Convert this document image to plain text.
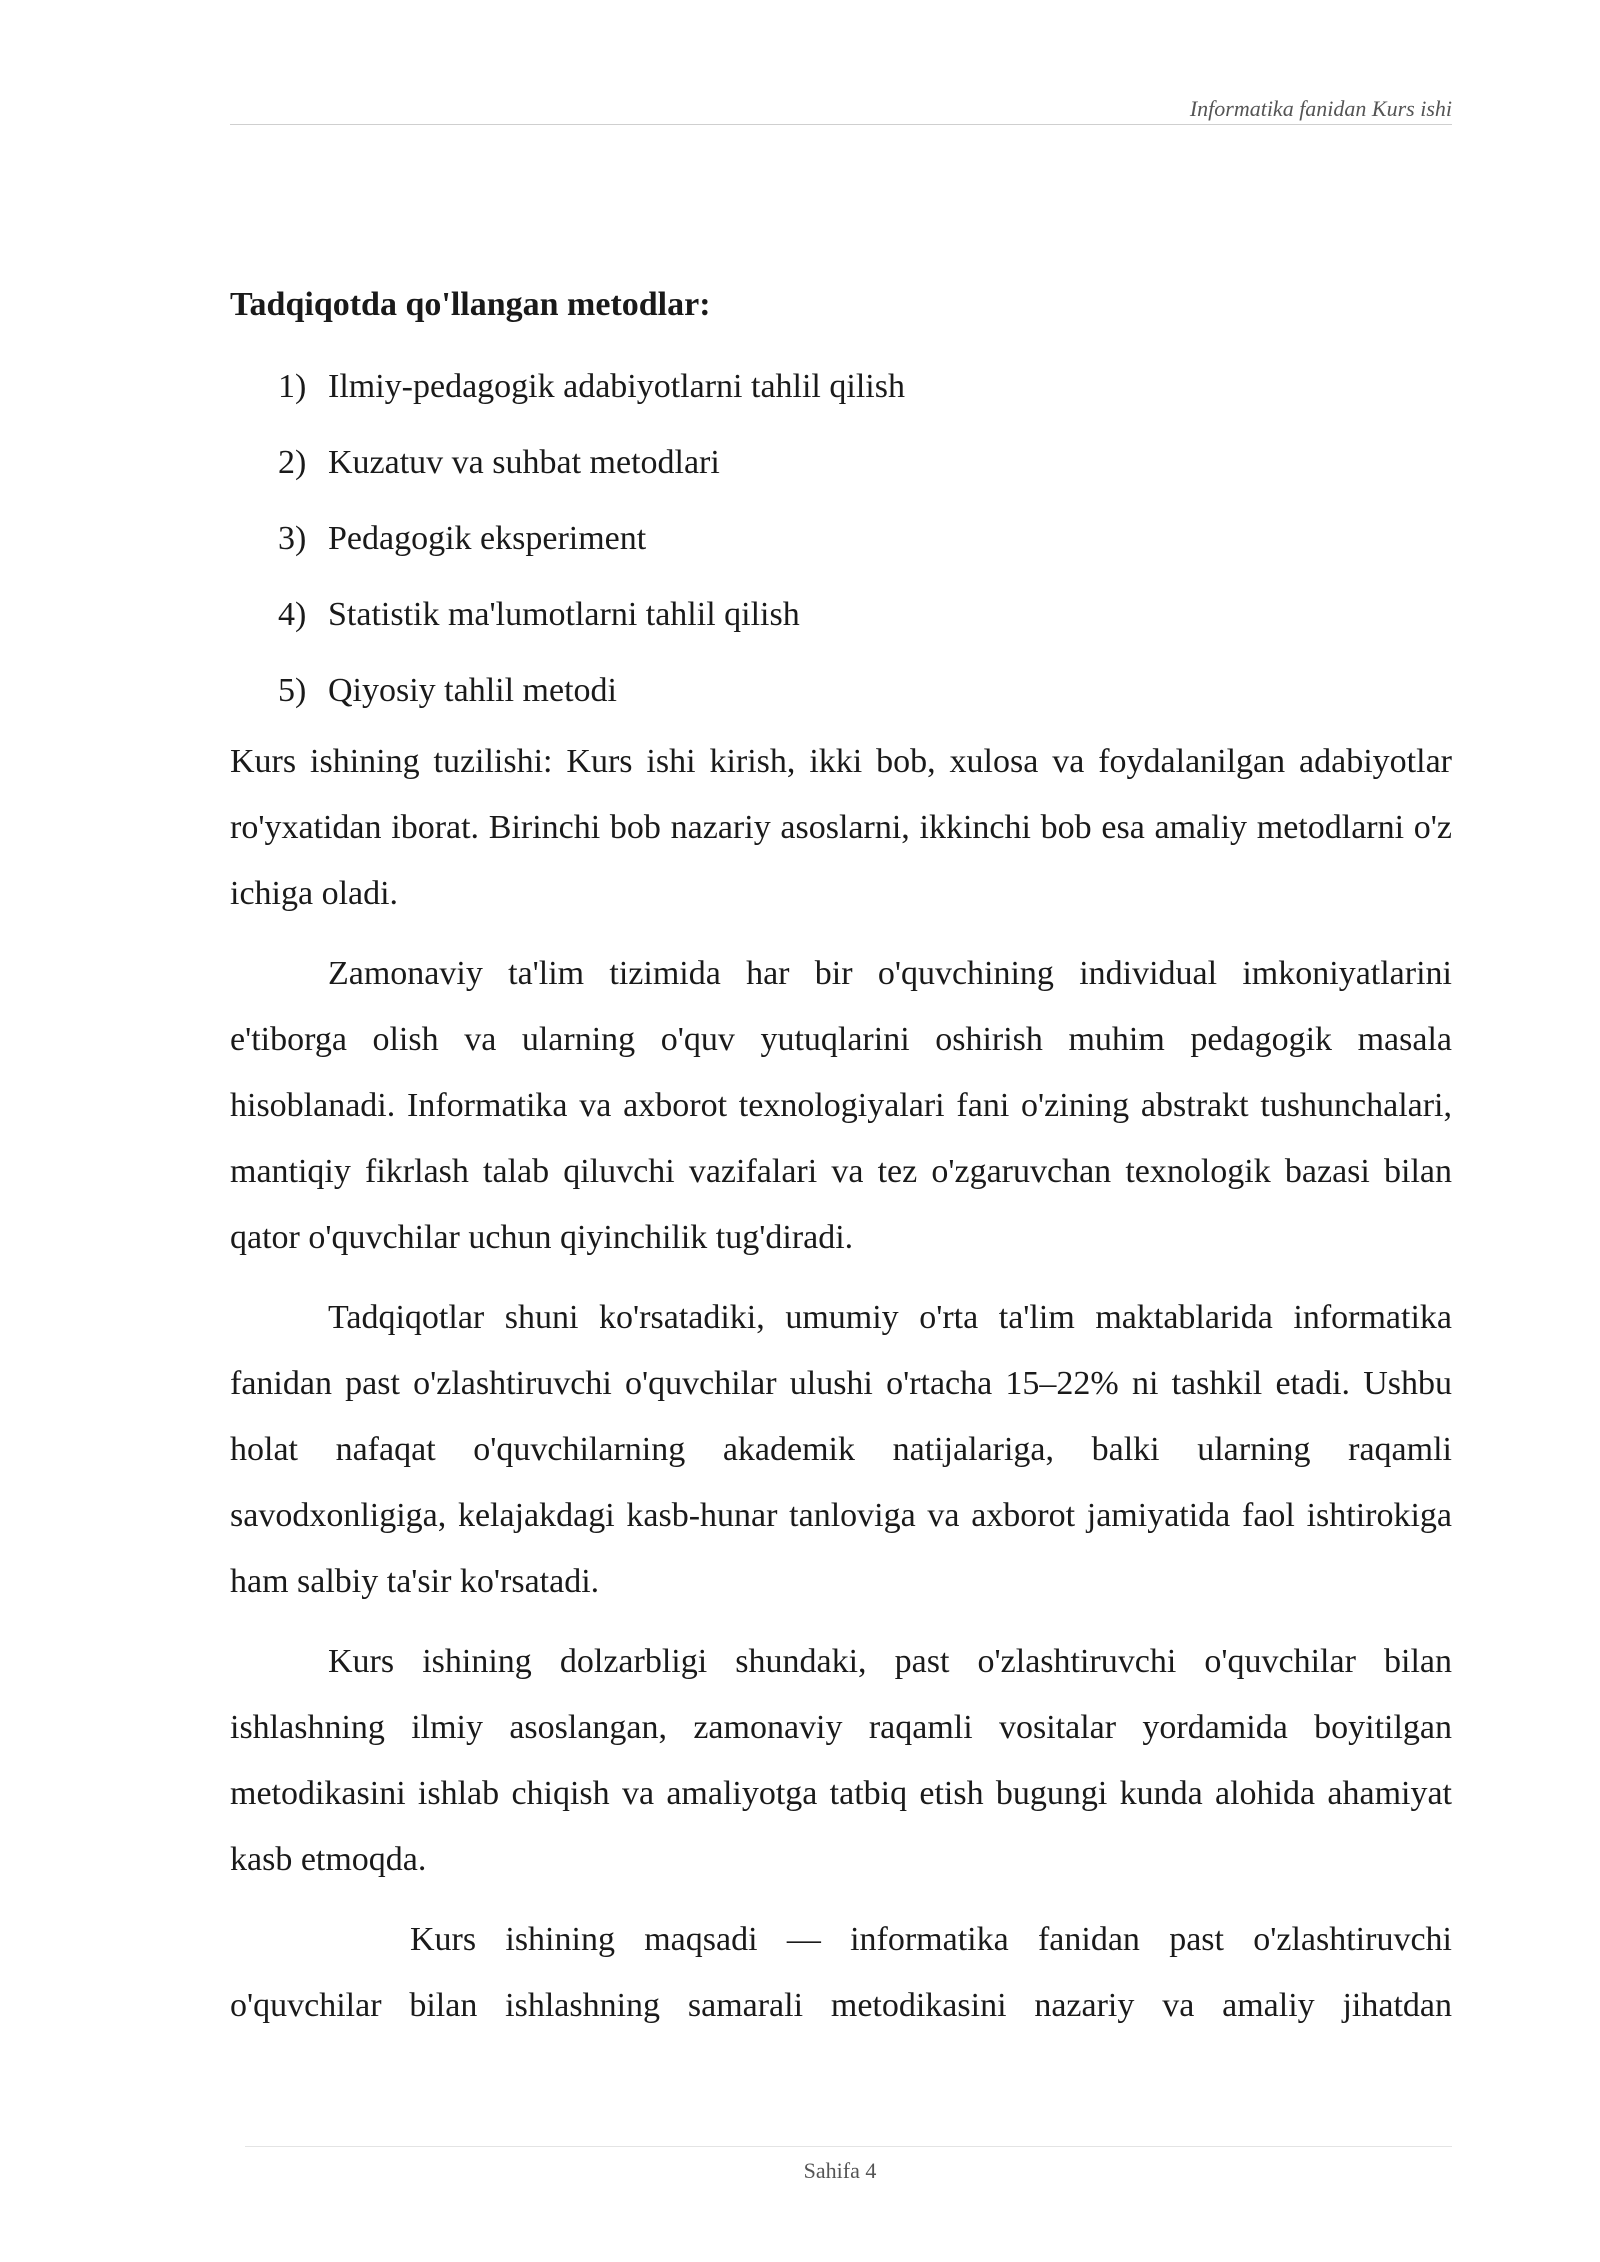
Informatika fanidan Kurs ishi
Tadqiqotda qo'llangan metodlar:
1) Ilmiy-pedagogik adabiyotlarni tahlil qilish
2) Kuzatuv va suhbat metodlari
3) Pedagogik eksperiment
4) Statistik ma'lumotlarni tahlil qilish
5) Qiyosiy tahlil metodi

Kurs ishining tuzilishi: Kurs ishi kirish, ikki bob, xulosa va foydalanilgan adabiyotlar ro'yxatidan iborat. Birinchi bob nazariy asoslarni, ikkinchi bob esa amaliy metodlarni o'z ichiga oladi.

Zamonaviy ta'lim tizimida har bir o'quvchining individual imkoniyatlarini e'tiborga olish va ularning o'quv yutuqlarini oshirish muhim pedagogik masala hisoblanadi. Informatika va axborot texnologiyalari fani o'zining abstrakt tushunchalari, mantiqiy fikrlash talab qiluvchi vazifalari va tez o'zgaruvchan texnologik bazasi bilan qator o'quvchilar uchun qiyinchilik tug'diradi.

Tadqiqotlar shuni ko'rsatadiki, umumiy o'rta ta'lim maktablarida informatika fanidan past o'zlashtiruvchi o'quvchilar ulushi o'rtacha 15–22% ni tashkil etadi. Ushbu holat nafaqat o'quvchilarning akademik natijalariga, balki ularning raqamli savodxonligiga, kelajakdagi kasb-hunar tanloviga va axborot jamiyatida faol ishtirokiga ham salbiy ta'sir ko'rsatadi.

Kurs ishining dolzarbligi shundaki, past o'zlashtiruvchi o'quvchilar bilan ishlashning ilmiy asoslangan, zamonaviy raqamli vositalar yordamida boyitilgan metodikasini ishlab chiqish va amaliyotga tatbiq etish bugungi kunda alohida ahamiyat kasb etmoqda.

Kurs ishining maqsadi — informatika fanidan past o'zlashtiruvchi o'quvchilar bilan ishlashning samarali metodikasini nazariy va amaliy jihatdan

Sahifa 4
